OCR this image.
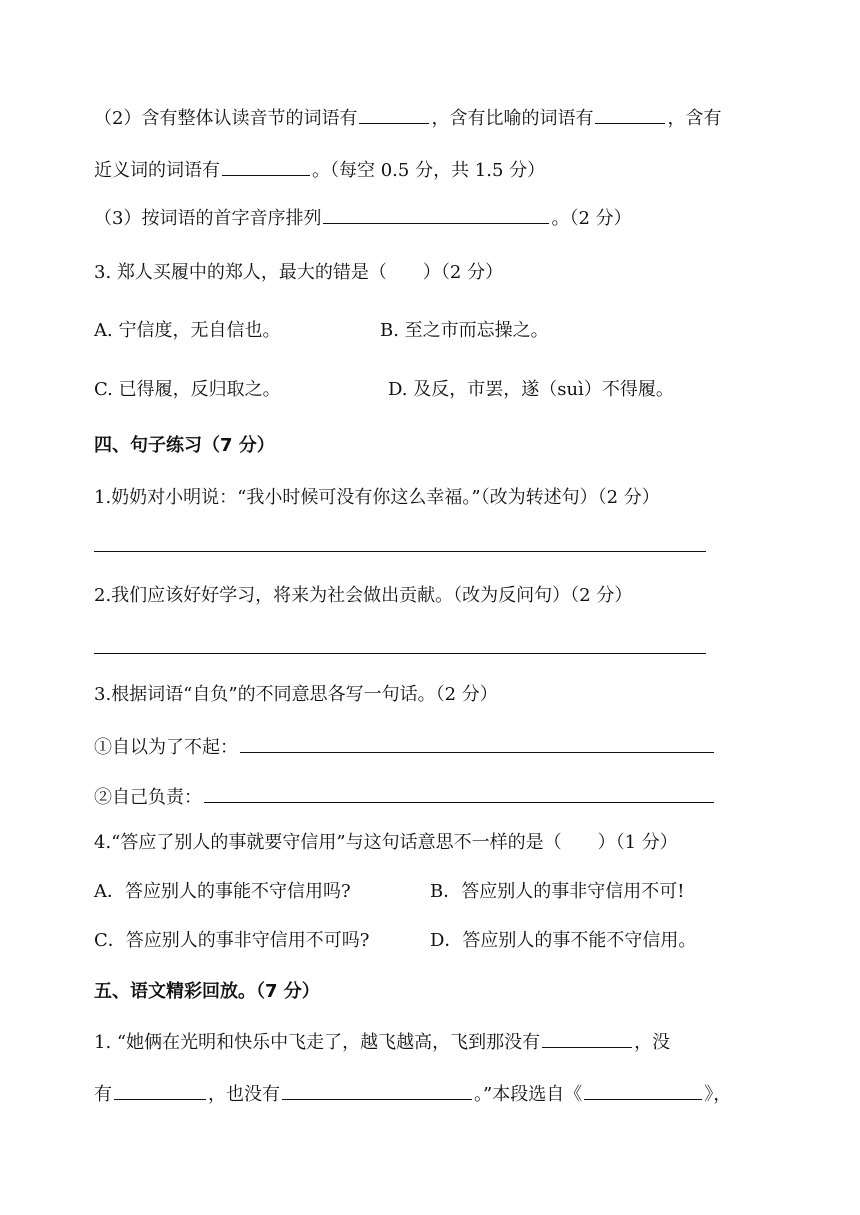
（2）含有整体认读音节的词语有	，含有比喻的词语有	，含有
近义词的词语有	。（每空 0.5 分，共 1.5 分）
（3）按词语的首字音序排列	。（2 分）
3. 郑人买履中的郑人，最大的错是（　　）（2 分）
A. 宁信度，无自信也。	B. 至之市而忘操之。
C. 已得履，反归取之。	D. 及反，市罢，遂（suì）不得履。
四、句子练习（7 分）
1.奶奶对小明说：“我小时候可没有你这么幸福。”（改为转述句）（2 分）
2.我们应该好好学习，将来为社会做出贡献。（改为反问句）（2 分）
3.根据词语“自负”的不同意思各写一句话。（2 分）
①自以为了不起：
②自己负责：
4.“答应了别人的事就要守信用”与这句话意思不一样的是（　　）（1 分）
A．答应别人的事能不守信用吗?	B．答应别人的事非守信用不可!
C．答应别人的事非守信用不可吗?	D．答应别人的事不能不守信用。
五、语文精彩回放。（7 分）
1. “她俩在光明和快乐中飞走了，越飞越高，飞到那没有	，没
有	，也没有	。”本段选自《	》，
